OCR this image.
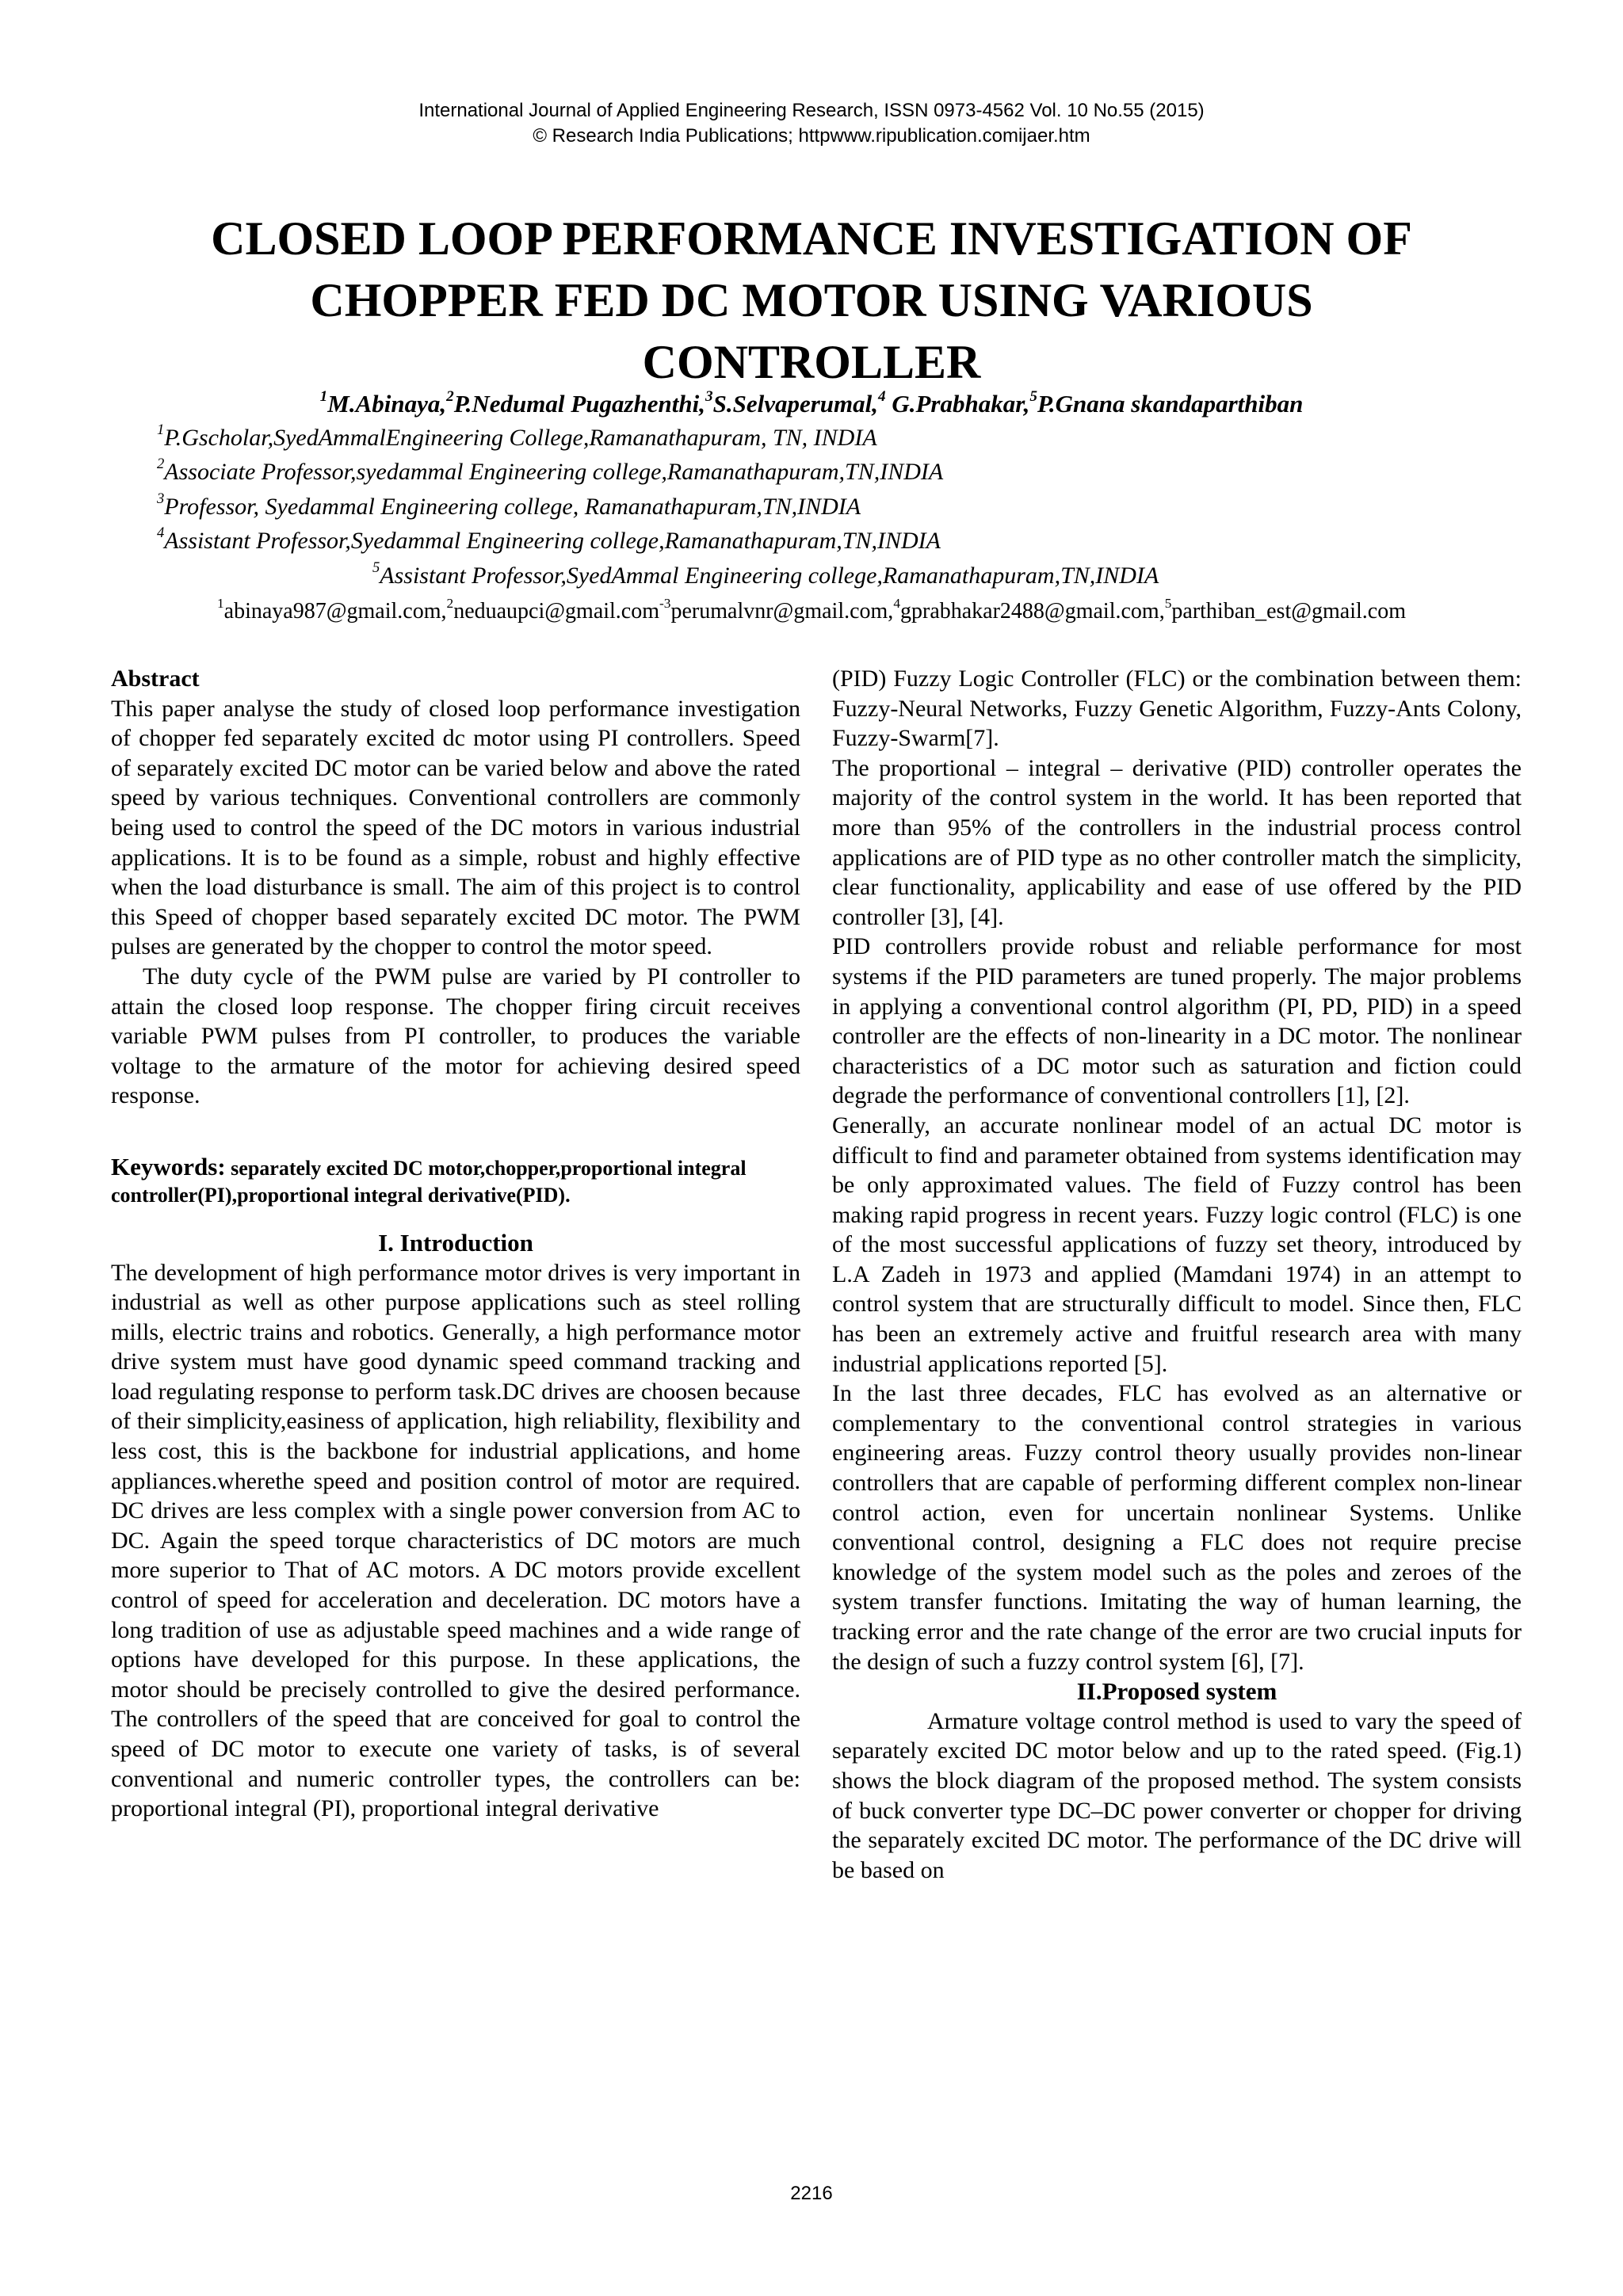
International Journal of Applied Engineering Research, ISSN 0973-4562 Vol. 10 No.55 (2015)
© Research India Publications; httpwww.ripublication.comijaer.htm
CLOSED LOOP PERFORMANCE INVESTIGATION OF
CHOPPER FED DC MOTOR USING VARIOUS
CONTROLLER
$^1$M.Abinaya,$^2$P.Nedumal Pugazhenthi,$^3$S.Selvaperumal,$^4$ G.Prabhakar,$^5$P.Gnana skandaparthiban
$^1$P.Gscholar,SyedAmmalEngineering College,Ramanathapuram, TN, INDIA
$^2$Associate Professor,syedammal Engineering college,Ramanathapuram,TN,INDIA
$^3$Professor, Syedammal Engineering college, Ramanathapuram,TN,INDIA
$^4$Assistant Professor,Syedammal Engineering college,Ramanathapuram,TN,INDIA
$^5$Assistant Professor,SyedAmmal Engineering college,Ramanathapuram,TN,INDIA
$^1$abinaya987@gmail.com,$^2$neduaupci@gmail.com$^{-3}$perumalvnr@gmail.com,$^4$gprabhakar2488@gmail.com,$^5$parthiban_est@gmail.com

Abstract

This paper analyse the study of closed loop performance investigation of chopper fed separately excited dc motor using PI controllers. Speed of separately excited DC motor can be varied below and above the rated speed by various techniques. Conventional controllers are commonly being used to control the speed of the DC motors in various industrial applications. It is to be found as a simple, robust and highly effective when the load disturbance is small. The aim of this project is to control this Speed of chopper based separately excited DC motor. The PWM pulses are generated by the chopper to control the motor speed.

The duty cycle of the PWM pulse are varied by PI controller to attain the closed loop response. The chopper firing circuit receives variable PWM pulses from PI controller, to produces the variable voltage to the armature of the motor for achieving desired speed response.

Keywords: separately excited DC motor,chopper,proportional integral controller(PI),proportional integral derivative(PID).

I. Introduction

The development of high performance motor drives is very important in industrial as well as other purpose applications such as steel rolling mills, electric trains and robotics. Generally, a high performance motor drive system must have good dynamic speed command tracking and load regulating response to perform task.DC drives are choosen because of their simplicity,easiness of application, high reliability, flexibility and less cost, this is the backbone for industrial applications, and home appliances.wherethe speed and position control of motor are required. DC drives are less complex with a single power conversion from AC to DC. Again the speed torque characteristics of DC motors are much more superior to That of AC motors. A DC motors provide excellent control of speed for acceleration and deceleration. DC motors have a long tradition of use as adjustable speed machines and a wide range of options have developed for this purpose. In these applications, the motor should be precisely controlled to give the desired performance. The controllers of the speed that are conceived for goal to control the speed of DC motor to execute one variety of tasks, is of several conventional and numeric controller types, the controllers can be: proportional integral (PI), proportional integral derivative

(PID) Fuzzy Logic Controller (FLC) or the combination between them: Fuzzy-Neural Networks, Fuzzy Genetic Algorithm, Fuzzy-Ants Colony, Fuzzy-Swarm[7].

The proportional – integral – derivative (PID) controller operates the majority of the control system in the world. It has been reported that more than 95% of the controllers in the industrial process control applications are of PID type as no other controller match the simplicity, clear functionality, applicability and ease of use offered by the PID controller [3], [4].

PID controllers provide robust and reliable performance for most systems if the PID parameters are tuned properly. The major problems in applying a conventional control algorithm (PI, PD, PID) in a speed controller are the effects of non-linearity in a DC motor. The nonlinear characteristics of a DC motor such as saturation and fiction could degrade the performance of conventional controllers [1], [2].

Generally, an accurate nonlinear model of an actual DC motor is difficult to find and parameter obtained from systems identification may be only approximated values. The field of Fuzzy control has been making rapid progress in recent years. Fuzzy logic control (FLC) is one of the most successful applications of fuzzy set theory, introduced by L.A Zadeh in 1973 and applied (Mamdani 1974) in an attempt to control system that are structurally difficult to model. Since then, FLC has been an extremely active and fruitful research area with many industrial applications reported [5].

In the last three decades, FLC has evolved as an alternative or complementary to the conventional control strategies in various engineering areas. Fuzzy control theory usually provides non-linear controllers that are capable of performing different complex non-linear control action, even for uncertain nonlinear Systems. Unlike conventional control, designing a FLC does not require precise knowledge of the system model such as the poles and zeroes of the system transfer functions. Imitating the way of human learning, the tracking error and the rate change of the error are two crucial inputs for the design of such a fuzzy control system [6], [7].

II.Proposed system

Armature voltage control method is used to vary the speed of separately excited DC motor below and up to the rated speed. (Fig.1) shows the block diagram of the proposed method. The system consists of buck converter type DC–DC power converter or chopper for driving the separately excited DC motor. The performance of the DC drive will be based on

2216
